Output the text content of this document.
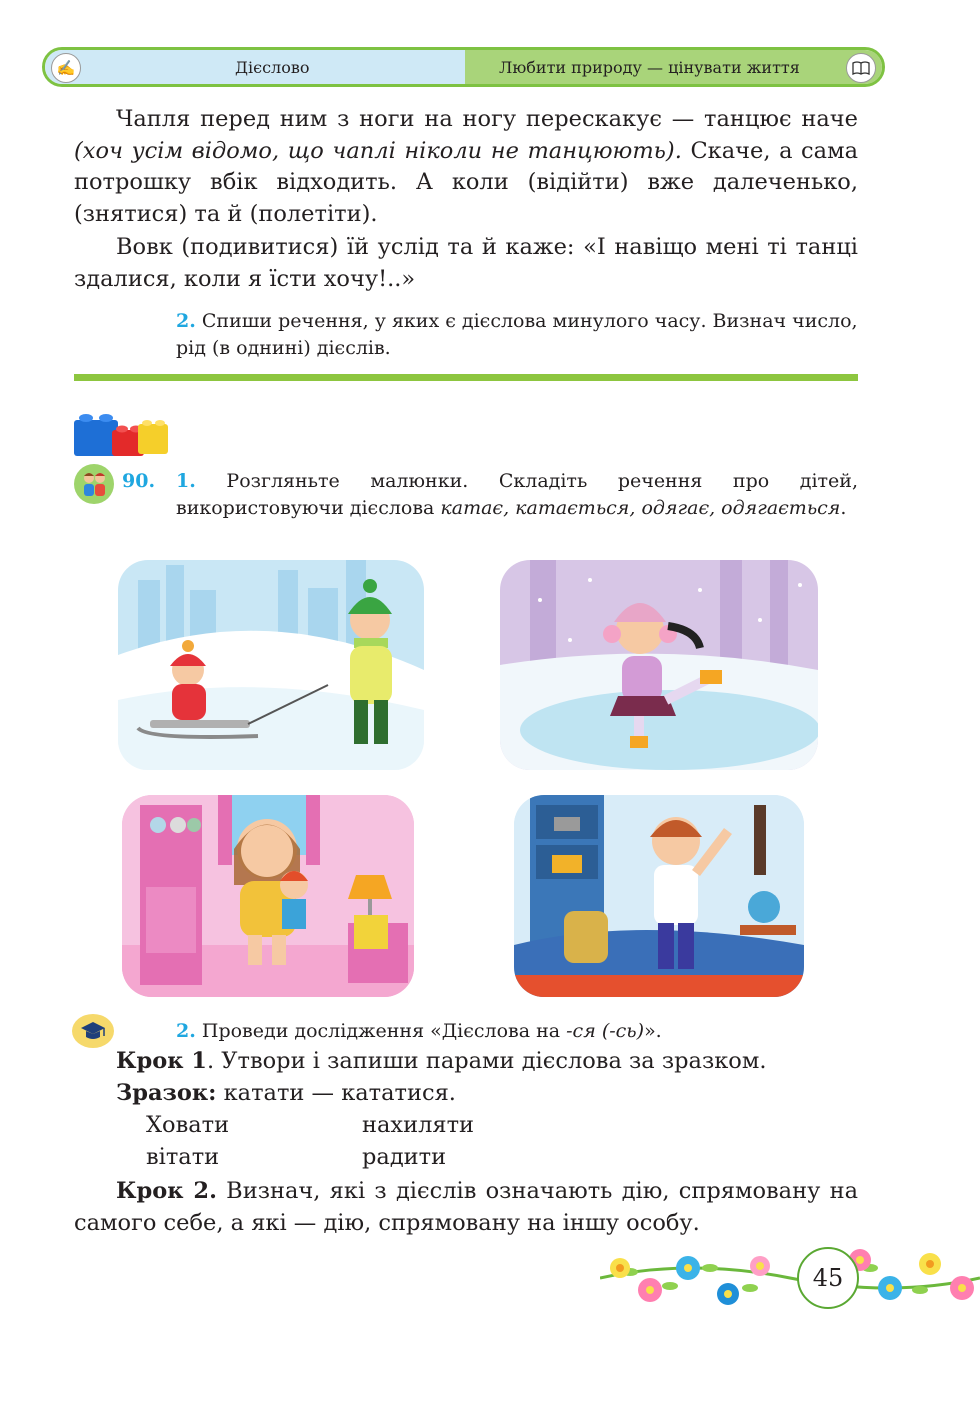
✍	Дієслово	Любити природу — цінувати життя
Чапля перед ним з ноги на ногу перескакує — танцює наче (хоч усім відомо, що чаплі ніколи не танцюють). Скаче, а сама потрошку вбік відходить. А коли (відійти) вже далеченько, (знятися) та й (полетіти).
Вовк (подивитися) їй услід та й каже: «І навіщо мені ті танці здалися, коли я їсти хочу!..»
2. Спиши речення, у яких є дієслова минулого часу. Визнач число, рід (в однині) дієслів.
90. 1. Розгляньте малюнки. Складіть речення про дітей, використовуючи дієслова катає, катається, одягає, одягається.
2. Проведи дослідження «Дієслова на -ся (-сь)».
Крок 1. Утвори і запиши парами дієслова за зразком.
Зразок: катати — кататися.
Ховати	нахиляти
вітати	радити
Крок 2. Визнач, які з дієслів означають дію, спрямовану на самого себе, а які — дію, спрямовану на іншу особу.
45
